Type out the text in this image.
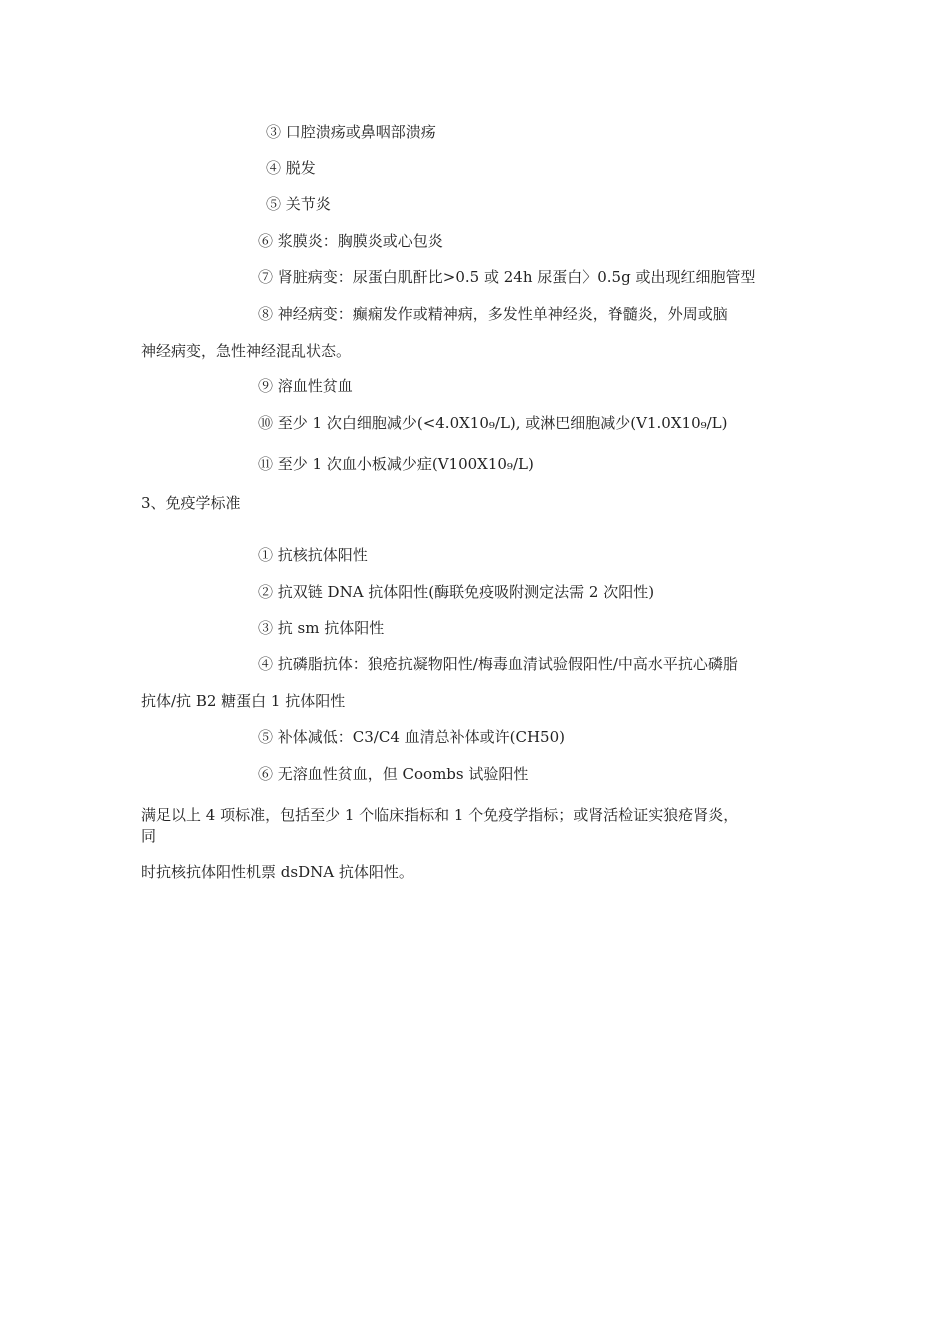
③ 口腔溃疡或鼻咽部溃疡
④ 脱发
⑤ 关节炎
⑥ 浆膜炎：胸膜炎或心包炎
⑦ 肾脏病变：尿蛋白肌酐比>0.5 或 24h 尿蛋白〉0.5g 或出现红细胞管型
⑧ 神经病变：癫痫发作或精神病，多发性单神经炎，脊髓炎，外周或脑
神经病变，急性神经混乱状态。
⑨ 溶血性贫血
⑩ 至少 1 次白细胞减少(<4.0X10₉/L), 或淋巴细胞减少(V1.0X10₉/L)
⑪ 至少 1 次血小板减少症(V100X10₉/L)
3、免疫学标准
① 抗核抗体阳性
② 抗双链 DNA 抗体阳性(酶联免疫吸附测定法需 2 次阳性)
③ 抗 sm 抗体阳性
④ 抗磷脂抗体：狼疮抗凝物阳性/梅毒血清试验假阳性/中高水平抗心磷脂
抗体/抗 B2 糖蛋白 1 抗体阳性
⑤ 补体减低：C3/C4 血清总补体或许(CH50)
⑥ 无溶血性贫血，但 Coombs 试验阳性
满足以上 4 项标准，包括至少 1 个临床指标和 1 个免疫学指标；或肾活检证实狼疮肾炎，
同
时抗核抗体阳性机票 dsDNA 抗体阳性。
